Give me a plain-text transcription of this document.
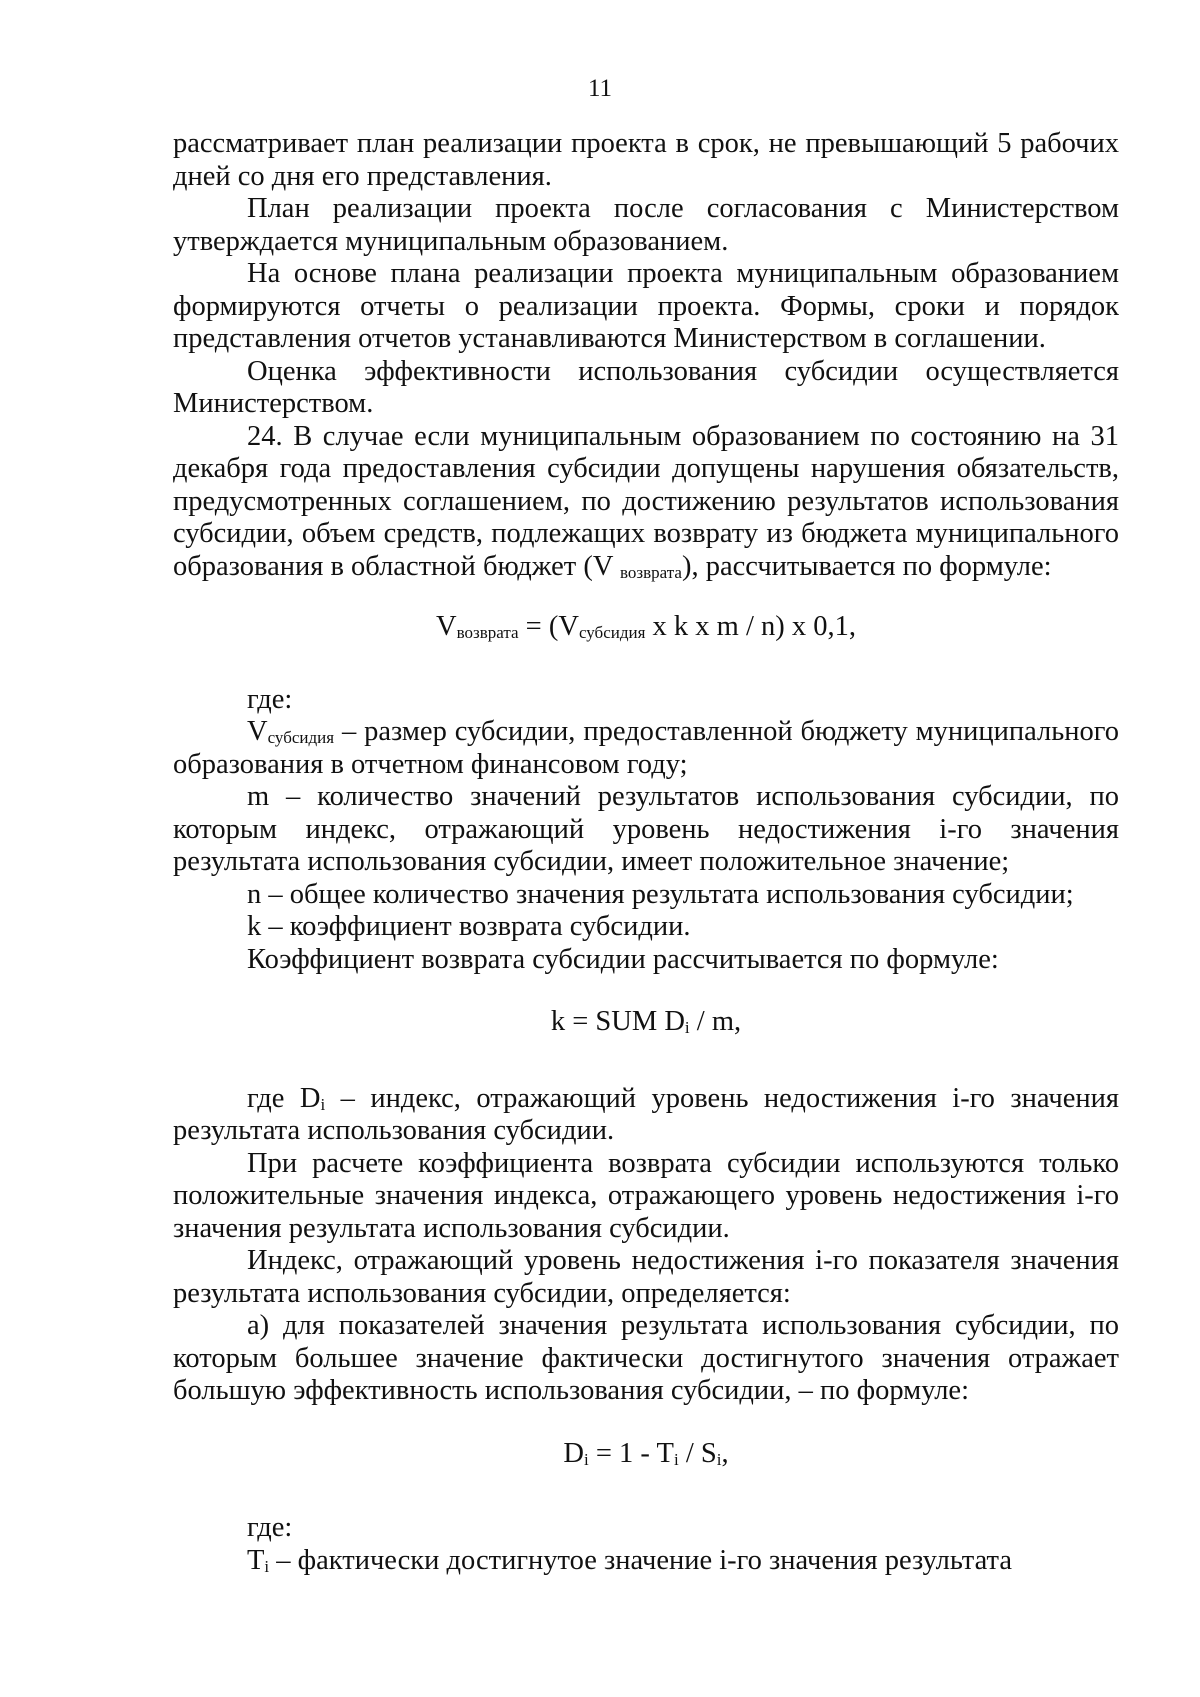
11

рассматривает план реализации проекта в срок, не превышающий 5 рабочих дней со дня его представления.

План реализации проекта после согласования с Министерством утверждается муниципальным образованием.

На основе плана реализации проекта муниципальным образованием формируются отчеты о реализации проекта. Формы, сроки и порядок представления отчетов устанавливаются Министерством в соглашении.

Оценка эффективности использования субсидии осуществляется Министерством.

24. В случае если муниципальным образованием по состоянию на 31 декабря года предоставления субсидии допущены нарушения обязательств, предусмотренных соглашением, по достижению результатов использования субсидии, объем средств, подлежащих возврату из бюджета муниципального образования в областной бюджет (V $_{возврата}$), рассчитывается по формуле:

$V_{возврата} = (V_{субсидия}$ x k x m / n) x 0,1,

где:

$V_{субсидия}$ – размер субсидии, предоставленной бюджету муниципального образования в отчетном финансовом году;

m – количество значений результатов использования субсидии, по которым индекс, отражающий уровень недостижения i-го значения результата использования субсидии, имеет положительное значение;

n – общее количество значения результата использования субсидии;

k – коэффициент возврата субсидии.

Коэффициент возврата субсидии рассчитывается по формуле:

k = SUM $D_i$ / m,

где $D_i$ – индекс, отражающий уровень недостижения i-го значения результата использования субсидии.

При расчете коэффициента возврата субсидии используются только положительные значения индекса, отражающего уровень недостижения i-го значения результата использования субсидии.

Индекс, отражающий уровень недостижения i-го показателя значения результата использования субсидии, определяется:

а) для показателей значения результата использования субсидии, по которым большее значение фактически достигнутого значения отражает большую эффективность использования субсидии, – по формуле:

$D_i = 1 - T_i / S_i$,

где:

$T_i$ – фактически достигнутое значение i-го значения результата
